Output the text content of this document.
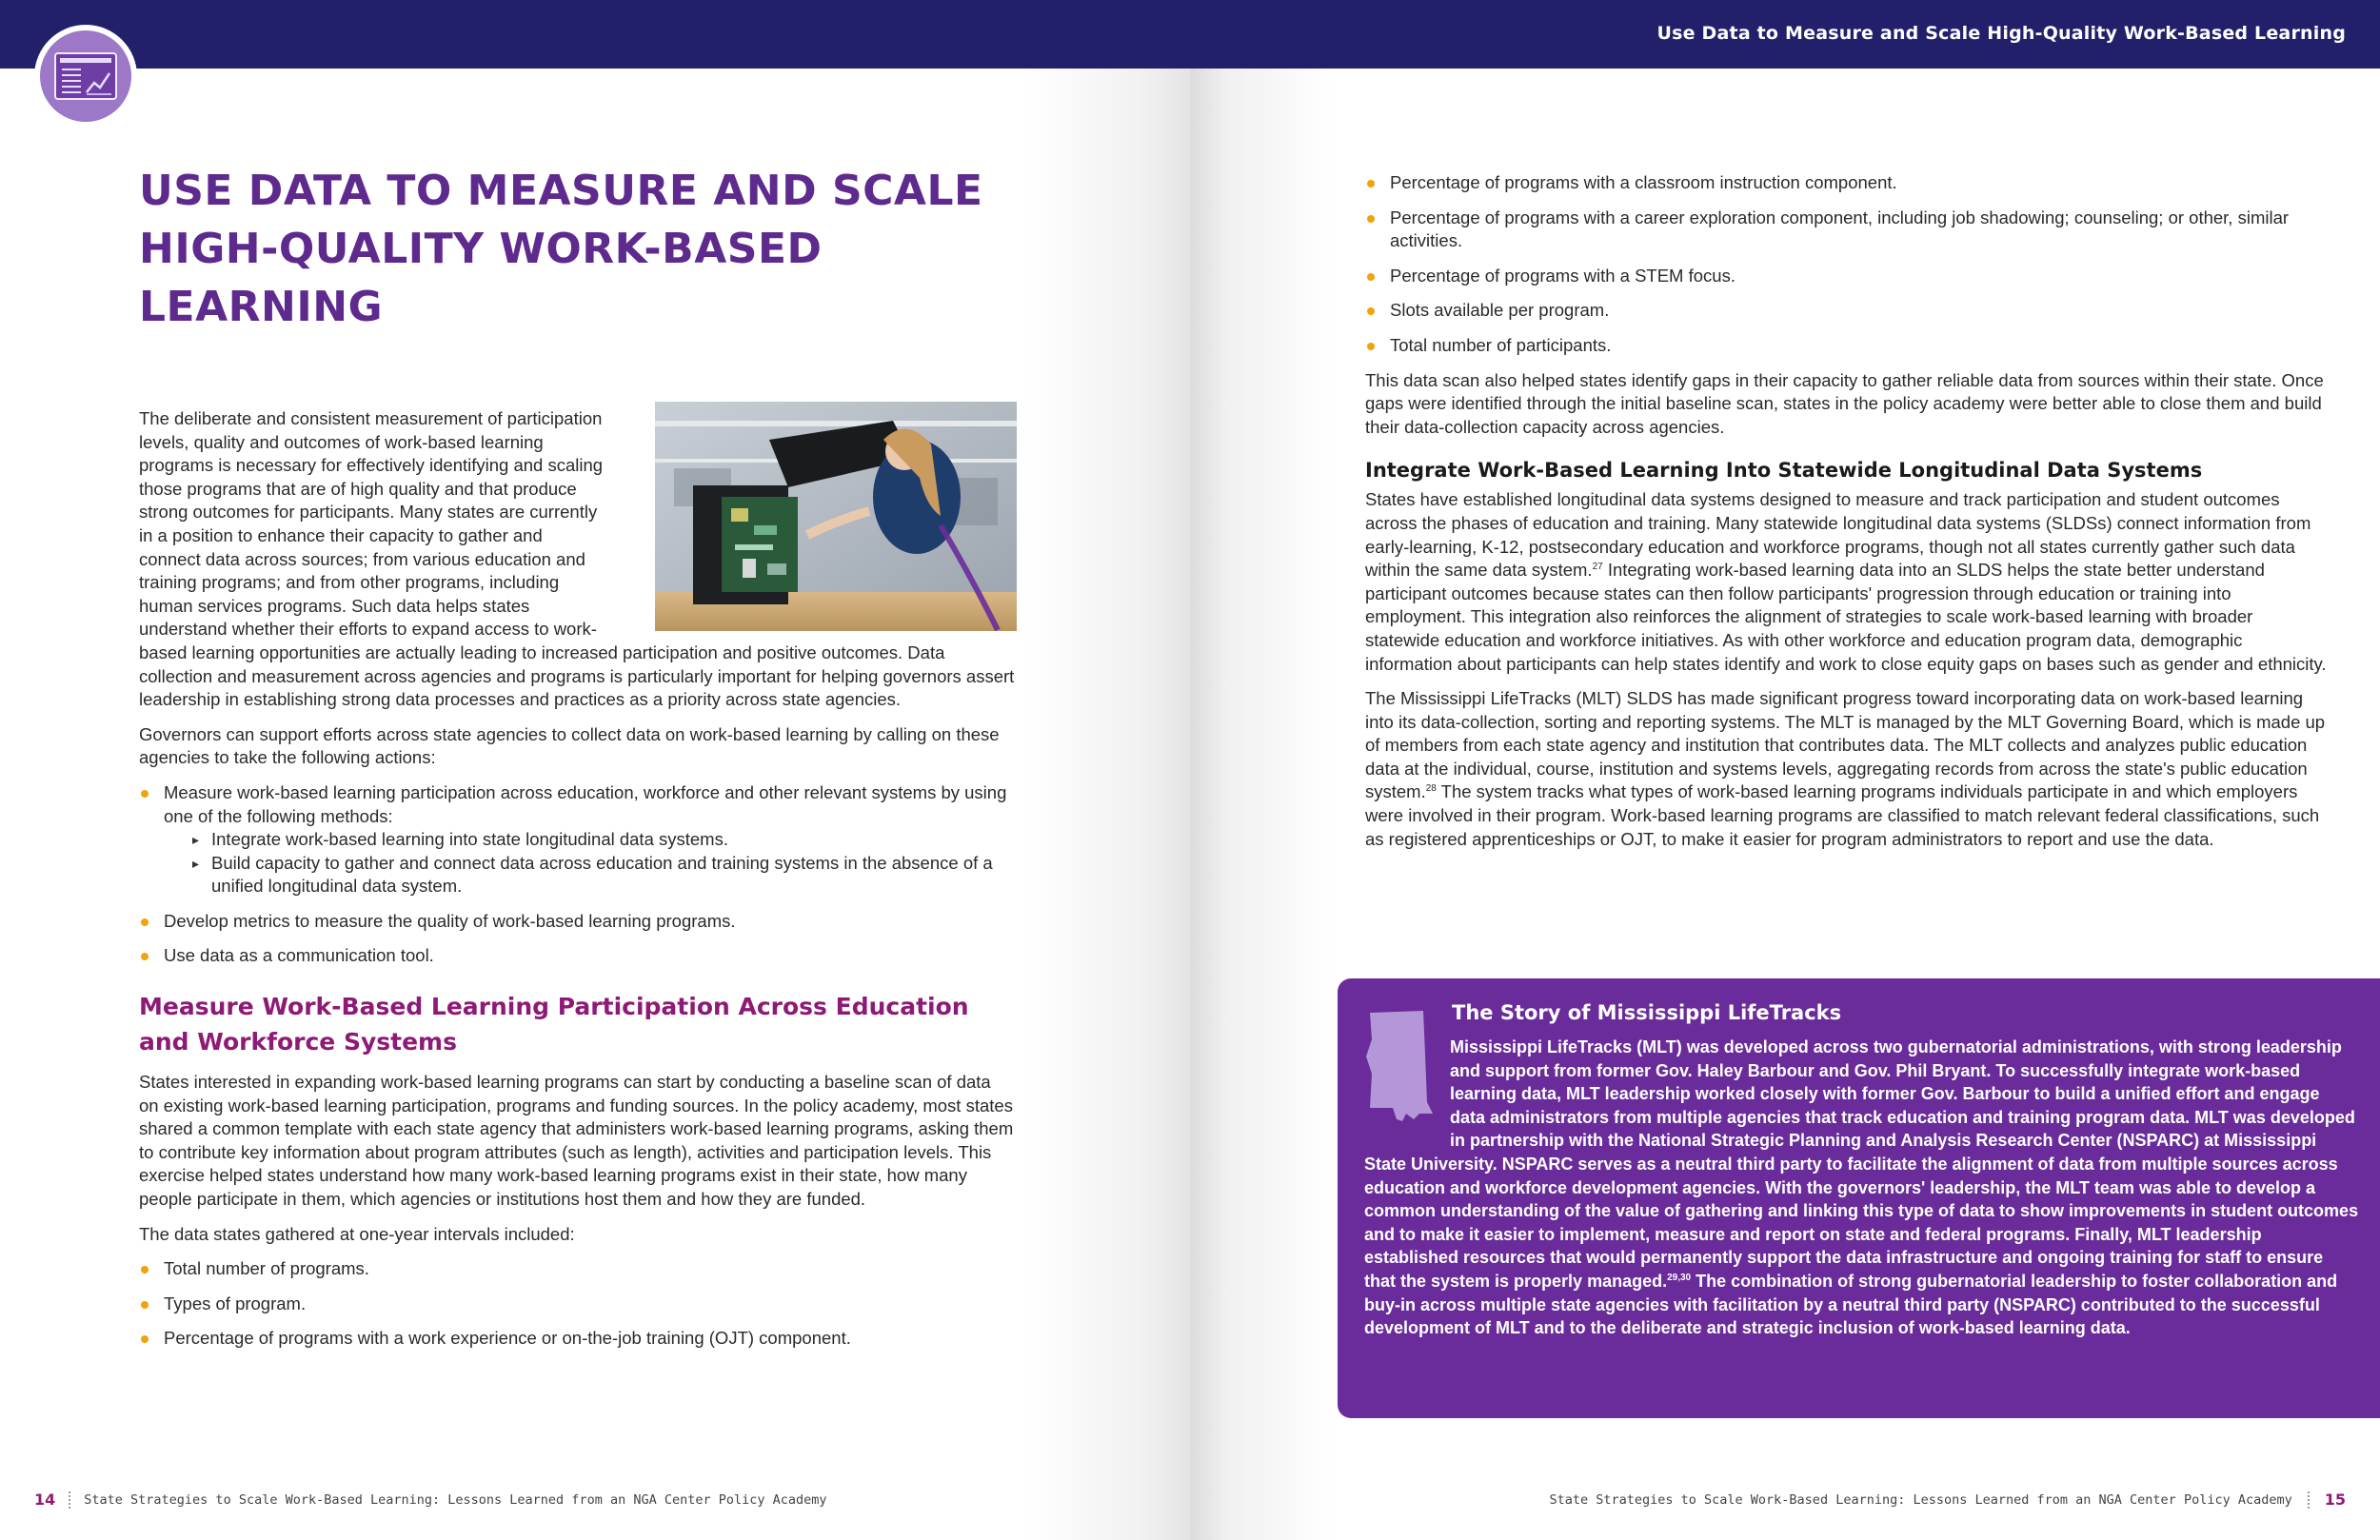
USE DATA TO MEASURE AND SCALE HIGH-QUALITY WORK-BASED LEARNING

The deliberate and consistent measurement of participation levels, quality and outcomes of work-based learning programs is necessary for effectively identifying and scaling those programs that are of high quality and that produce strong outcomes for participants. Many states are currently in a position to enhance their capacity to gather and connect data across sources; from various education and training programs; and from other programs, including human services programs. Such data helps states understand whether their efforts to expand access to work-based learning opportunities are actually leading to increased participation and positive outcomes. Data collection and measurement across agencies and programs is particularly important for helping governors assert leadership in establishing strong data processes and practices as a priority across state agencies.

Governors can support efforts across state agencies to collect data on work-based learning by calling on these agencies to take the following actions:

Measure work-based learning participation across education, workforce and other relevant systems by using one of the following methods:
▸ Integrate work-based learning into state longitudinal data systems.
▸ Build capacity to gather and connect data across education and training systems in the absence of a unified longitudinal data system.
Develop metrics to measure the quality of work-based learning programs.
Use data as a communication tool.
Measure Work-Based Learning Participation Across Education and Workforce Systems

States interested in expanding work-based learning programs can start by conducting a baseline scan of data on existing work-based learning participation, programs and funding sources. In the policy academy, most states shared a common template with each state agency that administers work-based learning programs, asking them to contribute key information about program attributes (such as length), activities and participation levels. This exercise helped states understand how many work-based learning programs exist in their state, how many people participate in them, which agencies or institutions host them and how they are funded.

The data states gathered at one-year intervals included:

Total number of programs.
Types of program.
Percentage of programs with a work experience or on-the-job training (OJT) component.
14 State Strategies to Scale Work-Based Learning: Lessons Learned from an NGA Center Policy Academy
Use Data to Measure and Scale High-Quality Work-Based Learning
Percentage of programs with a classroom instruction component.
Percentage of programs with a career exploration component, including job shadowing; counseling; or other, similar activities.
Percentage of programs with a STEM focus.
Slots available per program.
Total number of participants.

This data scan also helped states identify gaps in their capacity to gather reliable data from sources within their state. Once gaps were identified through the initial baseline scan, states in the policy academy were better able to close them and build their data-collection capacity across agencies.

Integrate Work-Based Learning Into Statewide Longitudinal Data Systems

States have established longitudinal data systems designed to measure and track participation and student outcomes across the phases of education and training. Many statewide longitudinal data systems (SLDSs) connect information from early-learning, K-12, postsecondary education and workforce programs, though not all states currently gather such data within the same data system.$^{27}$ Integrating work-based learning data into an SLDS helps the state better understand participant outcomes because states can then follow participants' progression through education or training into employment. This integration also reinforces the alignment of strategies to scale work-based learning with broader statewide education and workforce initiatives. As with other workforce and education program data, demographic information about participants can help states identify and work to close equity gaps on bases such as gender and ethnicity.

The Mississippi LifeTracks (MLT) SLDS has made significant progress toward incorporating data on work-based learning into its data-collection, sorting and reporting systems. The MLT is managed by the MLT Governing Board, which is made up of members from each state agency and institution that contributes data. The MLT collects and analyzes public education data at the individual, course, institution and systems levels, aggregating records from across the state's public education system.$^{28}$ The system tracks what types of work-based learning programs individuals participate in and which employers were involved in their program. Work-based learning programs are classified to match relevant federal classifications, such as registered apprenticeships or OJT, to make it easier for program administrators to report and use the data.

The Story of Mississippi LifeTracks
Mississippi LifeTracks (MLT) was developed across two gubernatorial administrations, with strong leadership and support from former Gov. Haley Barbour and Gov. Phil Bryant. To successfully integrate work-based learning data, MLT leadership worked closely with former Gov. Barbour to build a unified effort and engage data administrators from multiple agencies that track education and training program data. MLT was developed in partnership with the National Strategic Planning and Analysis Research Center (NSPARC) at Mississippi State University. NSPARC serves as a neutral third party to facilitate the alignment of data from multiple sources across education and workforce development agencies. With the governors' leadership, the MLT team was able to develop a common understanding of the value of gathering and linking this type of data to show improvements in student outcomes and to make it easier to implement, measure and report on state and federal programs. Finally, MLT leadership established resources that would permanently support the data infrastructure and ongoing training for staff to ensure that the system is properly managed.$^{29,30}$ The combination of strong gubernatorial leadership to foster collaboration and buy-in across multiple state agencies with facilitation by a neutral third party (NSPARC) contributed to the successful development of MLT and to the deliberate and strategic inclusion of work-based learning data.
State Strategies to Scale Work-Based Learning: Lessons Learned from an NGA Center Policy Academy 15
